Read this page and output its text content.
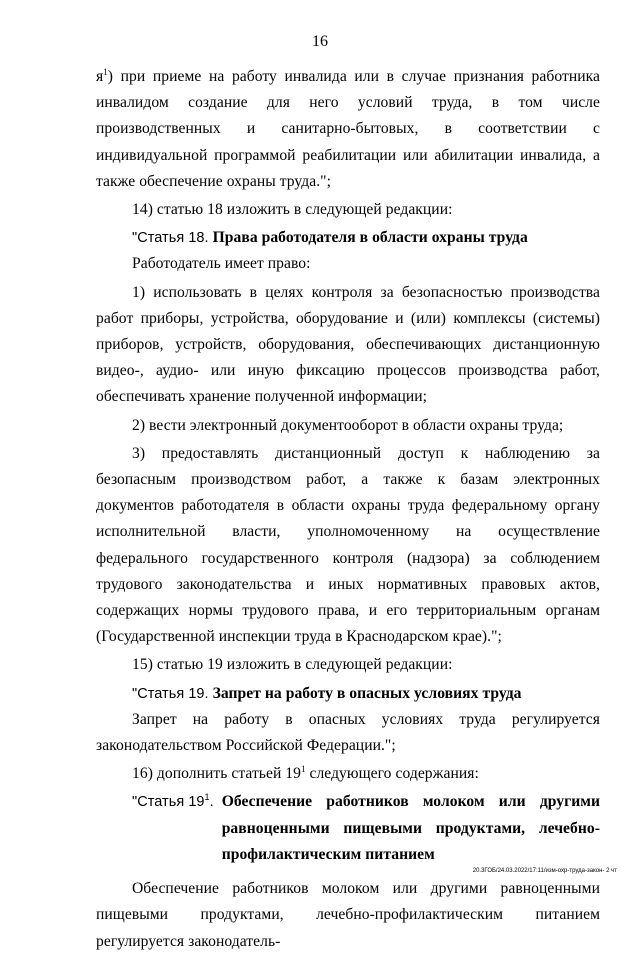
16

$я^1$) при приеме на работу инвалида или в случае признания работника инвалидом создание для него условий труда, в том числе производственных и санитарно-бытовых, в соответствии с индивидуальной программой реабилитации или абилитации инвалида, а также обеспечение охраны труда.";

14) статью 18 изложить в следующей редакции:

"Статья 18. Права работодателя в области охраны труда

Работодатель имеет право:

1) использовать в целях контроля за безопасностью производства работ приборы, устройства, оборудование и (или) комплексы (системы) приборов, устройств, оборудования, обеспечивающих дистанционную видео-, аудио- или иную фиксацию процессов производства работ, обеспечивать хранение полученной информации;

2) вести электронный документооборот в области охраны труда;

3) предоставлять дистанционный доступ к наблюдению за безопасным производством работ, а также к базам электронных документов работодателя в области охраны труда федеральному органу исполнительной власти, уполномоченному на осуществление федерального государственного контроля (надзора) за соблюдением трудового законодательства и иных нормативных правовых актов, содержащих нормы трудового права, и его территориальным органам (Государственной инспекции труда в Краснодарском крае).";

15) статью 19 изложить в следующей редакции:

"Статья 19. Запрет на работу в опасных условиях труда

Запрет на работу в опасных условиях труда регулируется законодательством Российской Федерации.";

16) дополнить статьей $19^1$ следующего содержания:

"Статья $19^1$. Обеспечение работников молоком или другими равноценными пищевыми продуктами, лечебно-профилактическим питанием

Обеспечение работников молоком или другими равноценными пищевыми продуктами, лечебно-профилактическим питанием регулируется законодатель-

20.3ГОБ/24.03.2022/17:11/изм-охр-труда-закон- 2 чт
